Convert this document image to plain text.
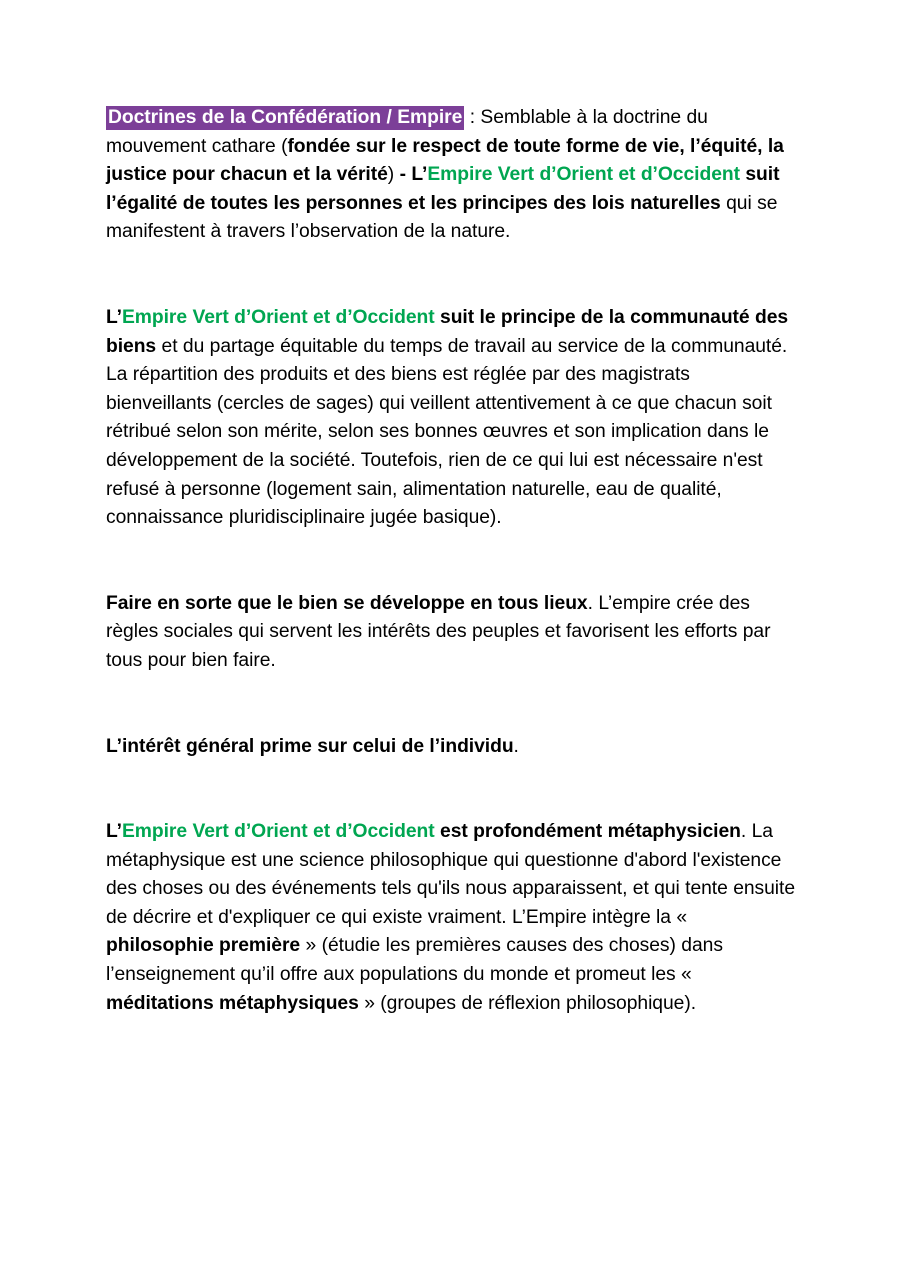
Doctrines de la Confédération / Empire : Semblable à la doctrine du mouvement cathare (fondée sur le respect de toute forme de vie, l’équité, la justice pour chacun et la vérité) - L’Empire Vert d’Orient et d’Occident suit l’égalité de toutes les personnes et les principes des lois naturelles qui se manifestent à travers l’observation de la nature.

L’Empire Vert d’Orient et d’Occident suit le principe de la communauté des biens et du partage équitable du temps de travail au service de la communauté. La répartition des produits et des biens est réglée par des magistrats bienveillants (cercles de sages) qui veillent attentivement à ce que chacun soit rétribué selon son mérite, selon ses bonnes œuvres et son implication dans le développement de la société. Toutefois, rien de ce qui lui est nécessaire n'est refusé à personne (logement sain, alimentation naturelle, eau de qualité, connaissance pluridisciplinaire jugée basique).

Faire en sorte que le bien se développe en tous lieux. L’empire crée des règles sociales qui servent les intérêts des peuples et favorisent les efforts par tous pour bien faire.

L’intérêt général prime sur celui de l’individu.

L’Empire Vert d’Orient et d’Occident est profondément métaphysicien. La métaphysique est une science philosophique qui questionne d'abord l'existence des choses ou des événements tels qu'ils nous apparaissent, et qui tente ensuite de décrire et d'expliquer ce qui existe vraiment. L’Empire intègre la « philosophie première » (étudie les premières causes des choses) dans l’enseignement qu’il offre aux populations du monde et promeut les « méditations métaphysiques » (groupes de réflexion philosophique).
